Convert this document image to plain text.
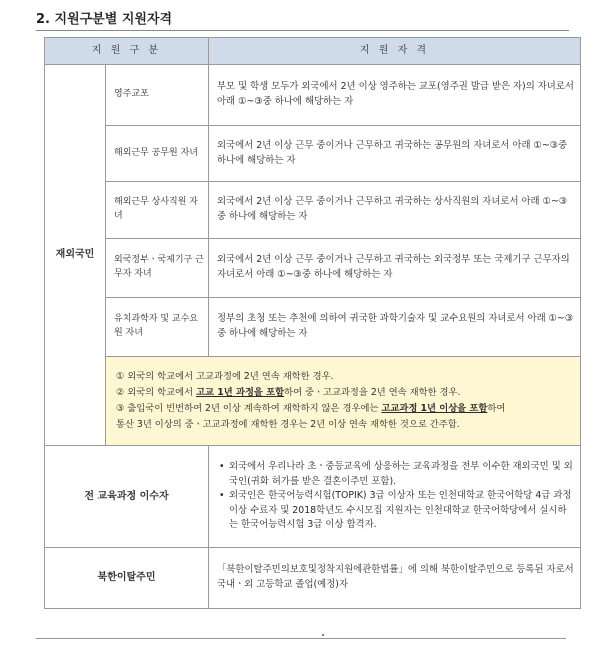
2. 지원구분별 지원자격
지 원 구 분		지 원 자 격
재외국민	영주교포	부모 및 학생 모두가 외국에서 2년 이상 영주하는 교포(영주권 발급 받은 자)의 자녀로서 아래 ①~③중 하나에 해당하는 자
	해외근무 공무원 자녀	외국에서 2년 이상 근무 중이거나 근무하고 귀국하는 공무원의 자녀로서 아래 ①~③중 하나에 해당하는 자
	해외근무 상사직원 자녀	외국에서 2년 이상 근무 중이거나 근무하고 귀국하는 상사직원의 자녀로서 아래 ①~③중 하나에 해당하는 자
	외국정부ㆍ국제기구 근무자 자녀	외국에서 2년 이상 근무 중이거나 근무하고 귀국하는 외국정부 또는 국제기구 근무자의 자녀로서 아래 ①~③중 하나에 해당하는 자
	유치과학자 및 교수요원 자녀	정부의 초청 또는 추천에 의하여 귀국한 과학기술자 및 교수요원의 자녀로서 아래 ①~③중 하나에 해당하는 자

	① 외국의 학교에서 고교과정에 2년 연속 재학한 경우.
② 외국의 학교에서 고교 1년 과정을 포함하여 중ㆍ고교과정을 2년 연속 재학한 경우.
③ 출입국이 빈번하여 2년 이상 계속하여 재학하지 않은 경우에는 고교과정 1년 이상을 포함하여
통산 3년 이상의 중ㆍ고교과정에 재학한 경우는 2년 이상 연속 재학한 것으로 간주함.	

전 교육과정 이수자		• 외국에서 우리나라 초ㆍ중등교육에 상응하는 교육과정을 전부 이수한 재외국민 및 외국인(귀화 허가를 받은 결혼이주민 포함).
• 외국인은 한국어능력시험(TOPIK) 3급 이상자 또는 인천대학교 한국어학당 4급 과정 이상 수료자 및 2018학년도 수시모집 지원자는 인천대학교 한국어학당에서 실시하는 한국어능력시험 3급 이상 합격자.

북한이탈주민		「북한이탈주민의보호및정착지원에관한법률」에 의해 북한이탈주민으로 등록된 자로서 국내ㆍ외 고등학교 졸업(예정)자
